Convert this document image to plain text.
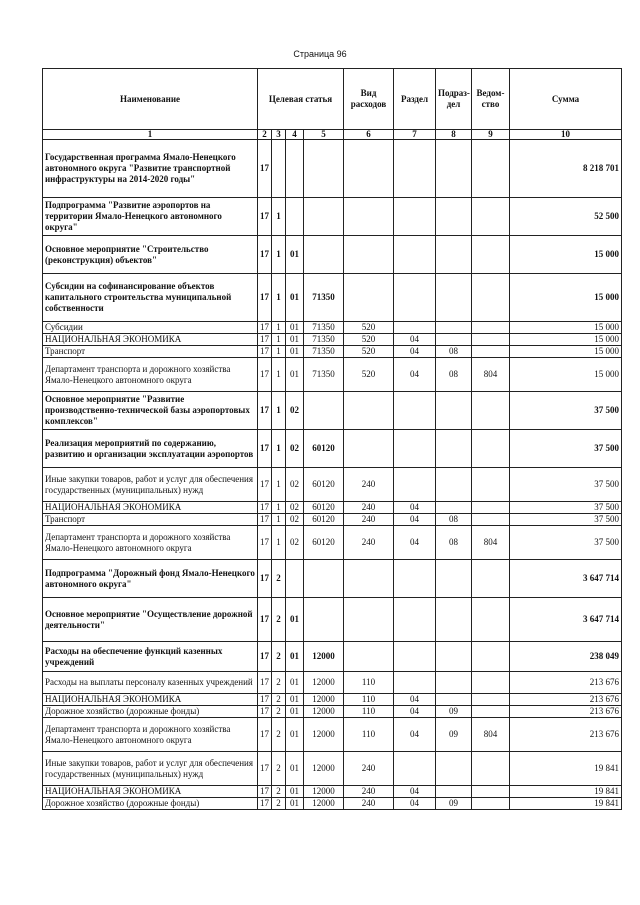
Страница 96
Наименование	Целевая статья				Вид расходов	Раздел	Подраз-дел	Ведом-ство	Сумма
1	2	3	4	5	6	7	8	9	10
Государственная программа Ямало-Ненецкого автономного округа "Развитие транспортной инфраструктуры на 2014-2020 годы"	17								8 218 701
Подпрограмма "Развитие аэропортов на территории Ямало-Ненецкого автономного округа"	17	1							52 500
Основное мероприятие "Строительство (реконструкция) объектов"	17	1	01						15 000
Субсидии на софинансирование объектов капитального строительства муниципальной собственности	17	1	01	71350					15 000
Субсидии	17	1	01	71350	520				15 000
НАЦИОНАЛЬНАЯ ЭКОНОМИКА	17	1	01	71350	520	04			15 000
Транспорт	17	1	01	71350	520	04	08		15 000
Департамент транспорта и дорожного хозяйства Ямало-Ненецкого автономного округа	17	1	01	71350	520	04	08	804	15 000
Основное мероприятие "Развитие производственно-технической базы аэропортовых комплексов"	17	1	02						37 500
Реализация мероприятий по содержанию, развитию и организации эксплуатации аэропортов	17	1	02	60120					37 500
Иные закупки товаров, работ и услуг для обеспечения государственных (муниципальных) нужд	17	1	02	60120	240				37 500
НАЦИОНАЛЬНАЯ ЭКОНОМИКА	17	1	02	60120	240	04			37 500
Транспорт	17	1	02	60120	240	04	08		37 500
Департамент транспорта и дорожного хозяйства Ямало-Ненецкого автономного округа	17	1	02	60120	240	04	08	804	37 500
Подпрограмма "Дорожный фонд Ямало-Ненецкого автономного округа"	17	2							3 647 714
Основное мероприятие "Осуществление дорожной деятельности"	17	2	01						3 647 714
Расходы на обеспечение функций казенных учреждений	17	2	01	12000					238 049
Расходы на выплаты персоналу казенных учреждений	17	2	01	12000	110				213 676
НАЦИОНАЛЬНАЯ ЭКОНОМИКА	17	2	01	12000	110	04			213 676
Дорожное хозяйство (дорожные фонды)	17	2	01	12000	110	04	09		213 676
Департамент транспорта и дорожного хозяйства Ямало-Ненецкого автономного округа	17	2	01	12000	110	04	09	804	213 676
Иные закупки товаров, работ и услуг для обеспечения государственных (муниципальных) нужд	17	2	01	12000	240				19 841
НАЦИОНАЛЬНАЯ ЭКОНОМИКА	17	2	01	12000	240	04			19 841
Дорожное хозяйство (дорожные фонды)	17	2	01	12000	240	04	09		19 841
